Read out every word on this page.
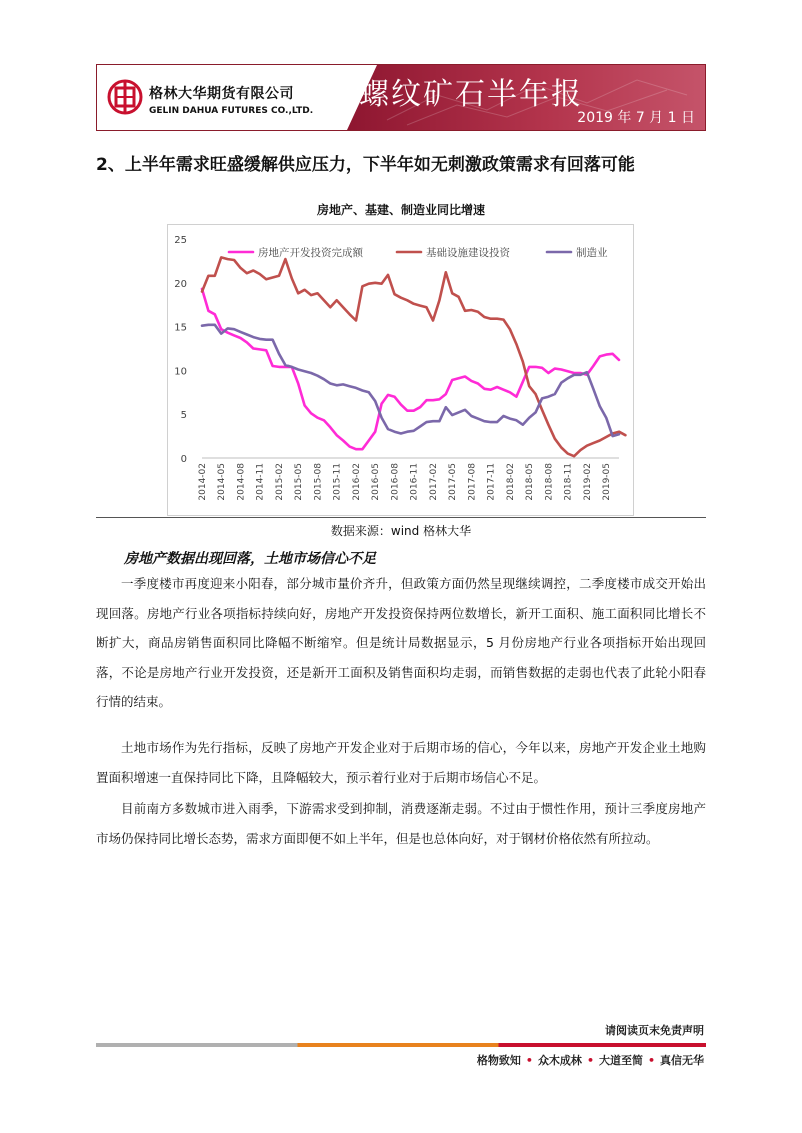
格林大华期货有限公司
GELIN DAHUA FUTURES CO.,LTD. 螺纹矿石半年报
2019 年 7 月 1 日
2、上半年需求旺盛缓解供应压力，下半年如无刺激政策需求有回落可能
房地产、基建、制造业同比增速
0
5
10
15
20
25
2014-02 2014-05 2014-08 2014-11 2015-02 2015-05 2015-08 2015-11 2016-02 2016-05 2016-08 2016-11 2017-02 2017-05 2017-08 2017-11 2018-02 2018-05 2018-08 2018-11 2019-02 2019-05
房地产开发投资完成额	基础设施建设投资	制造业
数据来源：wind 格林大华
房地产数据出现回落，土地市场信心不足

一季度楼市再度迎来小阳春，部分城市量价齐升，但政策方面仍然呈现继续调控，二季度楼市成交开始出现回落。房地产行业各项指标持续向好，房地产开发投资保持两位数增长，新开工面积、施工面积同比增长不断扩大，商品房销售面积同比降幅不断缩窄。但是统计局数据显示，5 月份房地产行业各项指标开始出现回落，不论是房地产行业开发投资，还是新开工面积及销售面积均走弱，而销售数据的走弱也代表了此轮小阳春行情的结束。

土地市场作为先行指标，反映了房地产开发企业对于后期市场的信心，今年以来，房地产开发企业土地购置面积增速一直保持同比下降，且降幅较大，预示着行业对于后期市场信心不足。

目前南方多数城市进入雨季，下游需求受到抑制，消费逐渐走弱。不过由于惯性作用，预计三季度房地产市场仍保持同比增长态势，需求方面即便不如上半年，但是也总体向好，对于钢材价格依然有所拉动。

请阅读页末免责声明
格物致知 • 众木成林 • 大道至简 • 真信无华
